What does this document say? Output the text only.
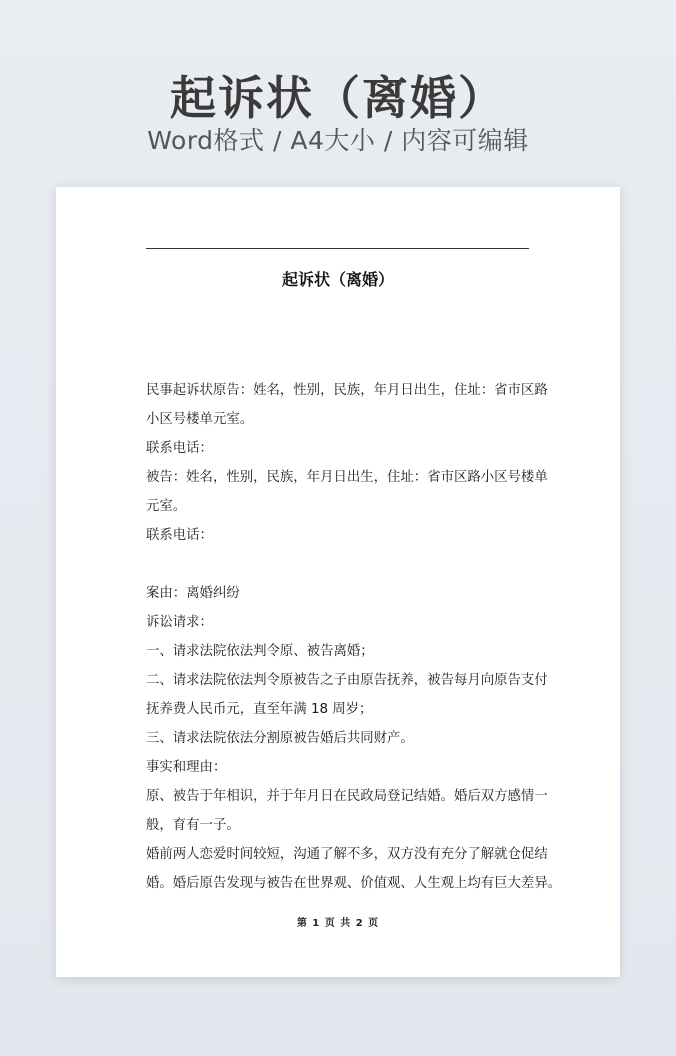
起诉状（离婚）
Word格式 / A4大小 / 内容可编辑
起诉状（离婚）
民事起诉状原告：姓名，性别，民族，年月日出生，住址：省市区路
小区号楼单元室。
联系电话：
被告：姓名，性别，民族，年月日出生，住址：省市区路小区号楼单
元室。
联系电话：
案由：离婚纠纷
诉讼请求：
一、请求法院依法判令原、被告离婚；
二、请求法院依法判令原被告之子由原告抚养，被告每月向原告支付
抚养费人民币元，直至年满 18 周岁；
三、请求法院依法分割原被告婚后共同财产。
事实和理由：
原、被告于年相识，并于年月日在民政局登记结婚。婚后双方感情一
般，育有一子。
婚前两人恋爱时间较短，沟通了解不多，双方没有充分了解就仓促结
婚。婚后原告发现与被告在世界观、价值观、人生观上均有巨大差异。
第 1 页 共 2 页
